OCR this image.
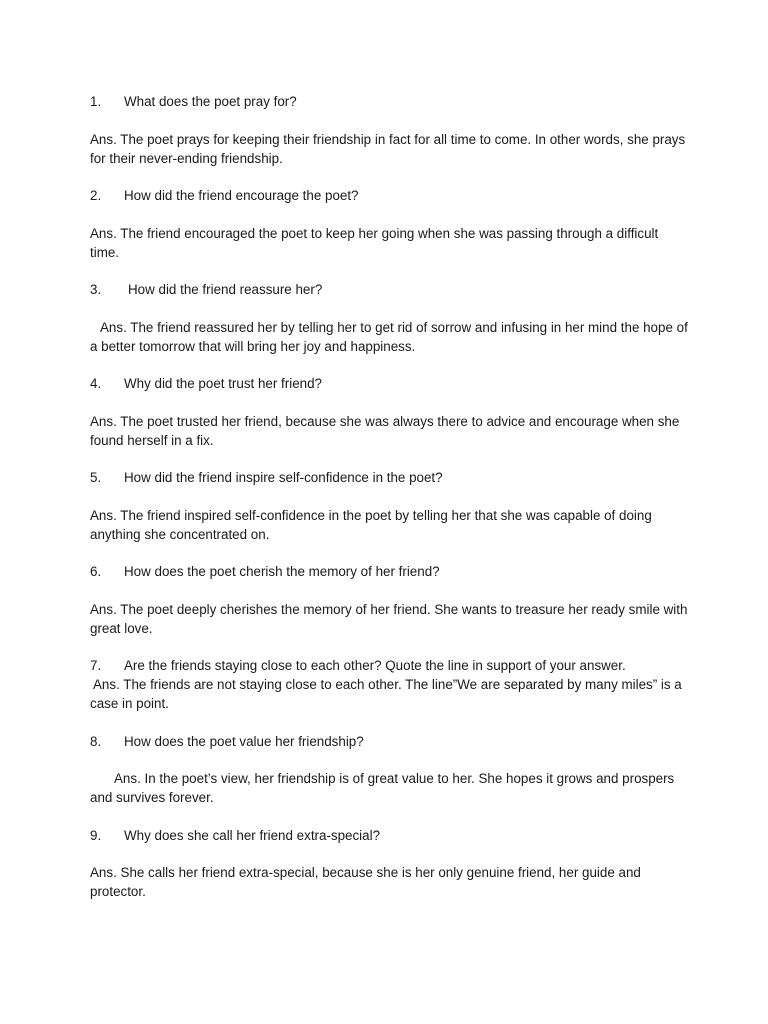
1. What does the poet pray for?

Ans. The poet prays for keeping their friendship in fact for all time to come. In other words, she prays for their never-ending friendship.

2. How did the friend encourage the poet?

Ans. The friend encouraged the poet to keep her going when she was passing through a difficult time.

3. How did the friend reassure her?

Ans. The friend reassured her by telling her to get rid of sorrow and infusing in her mind the hope of a better tomorrow that will bring her joy and happiness.

4. Why did the poet trust her friend?

Ans. The poet trusted her friend, because she was always there to advice and encourage when she found herself in a fix.

5. How did the friend inspire self-confidence in the poet?

Ans. The friend inspired self-confidence in the poet by telling her that she was capable of doing anything she concentrated on.

6. How does the poet cherish the memory of her friend?

Ans. The poet deeply cherishes the memory of her friend. She wants to treasure her ready smile with great love.

7. Are the friends staying close to each other? Quote the line in support of your answer.

Ans. The friends are not staying close to each other. The line”We are separated by many miles” is a case in point.

8. How does the poet value her friendship?

Ans. In the poet’s view, her friendship is of great value to her. She hopes it grows and prospers and survives forever.

9. Why does she call her friend extra-special?

Ans. She calls her friend extra-special, because she is her only genuine friend, her guide and protector.
